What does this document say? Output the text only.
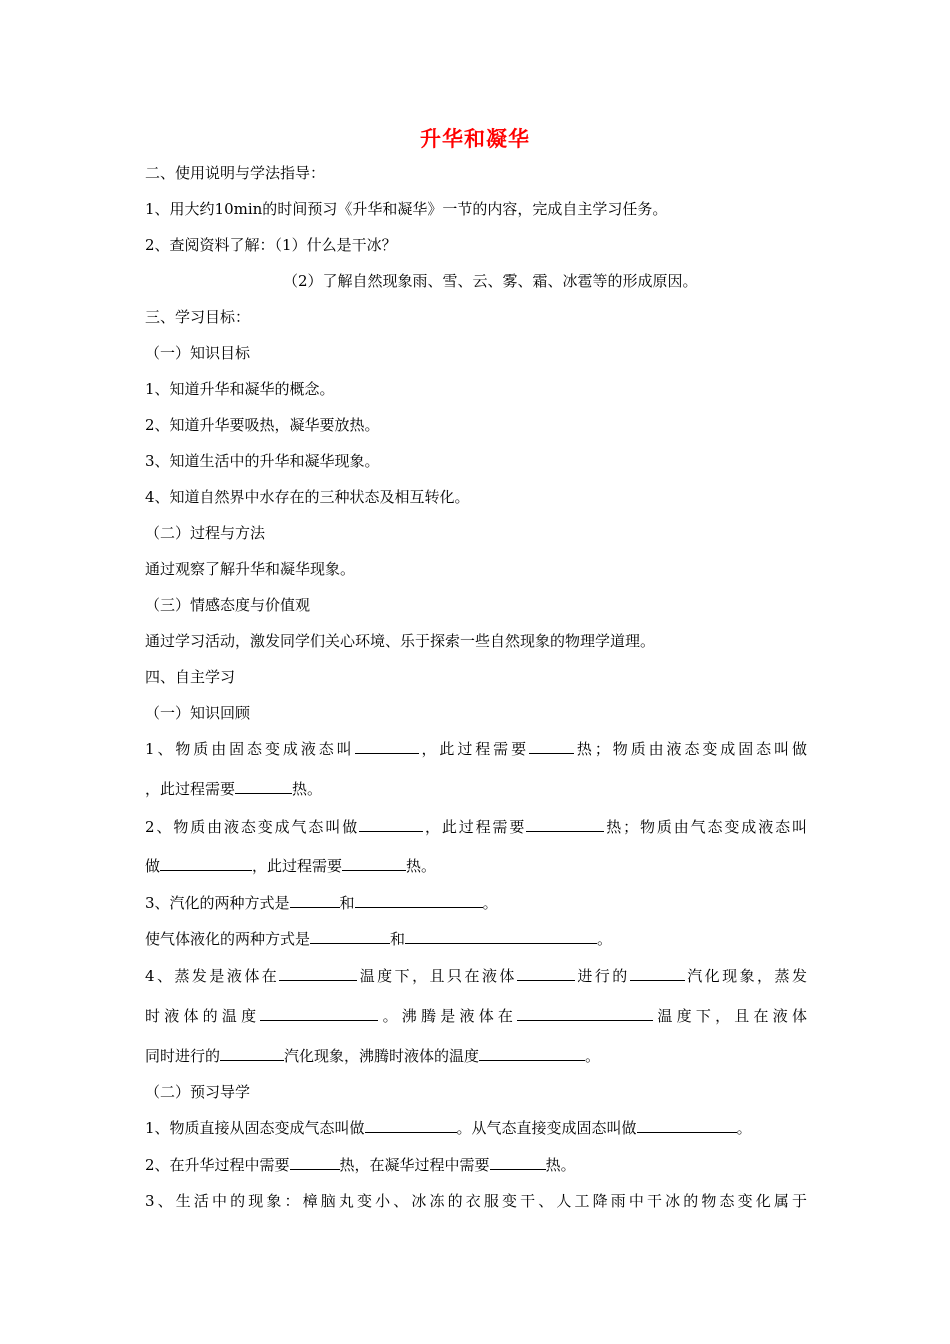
升华和凝华
二、使用说明与学法指导：
1、用大约10min的时间预习《升华和凝华》一节的内容，完成自主学习任务。
2、查阅资料了解：（1）什么是干冰？
（2）了解自然现象雨、雪、云、雾、霜、冰雹等的形成原因。
三、学习目标：
（一）知识目标
1、知道升华和凝华的概念。
2、知道升华要吸热，凝华要放热。
3、知道生活中的升华和凝华现象。
4、知道自然界中水存在的三种状态及相互转化。
（二）过程与方法
通过观察了解升华和凝华现象。
（三）情感态度与价值观
通过学习活动，激发同学们关心环境、乐于探索一些自然现象的物理学道理。
四、自主学习
（一）知识回顾
1、物质由固态变成液态叫	，此过程需要	热；物质由液态变成固态叫做
，此过程需要	热。
2、物质由液态变成气态叫做	，此过程需要	热；物质由气态变成液态叫
做	，此过程需要	热。
3、汽化的两种方式是	和	。
使气体液化的两种方式是	和	。
4、蒸发是液体在	温度下，且只在液体	进行的	汽化现象，蒸发
时液体的温度	。沸腾是液体在	温度下，且在液体
同时进行的	汽化现象，沸腾时液体的温度	。
（二）预习导学
1、物质直接从固态变成气态叫做	。从气态直接变成固态叫做	。
2、在升华过程中需要	热，在凝华过程中需要	热。
3、生活中的现象：樟脑丸变小、冰冻的衣服变干、人工降雨中干冰的物态变化属于
